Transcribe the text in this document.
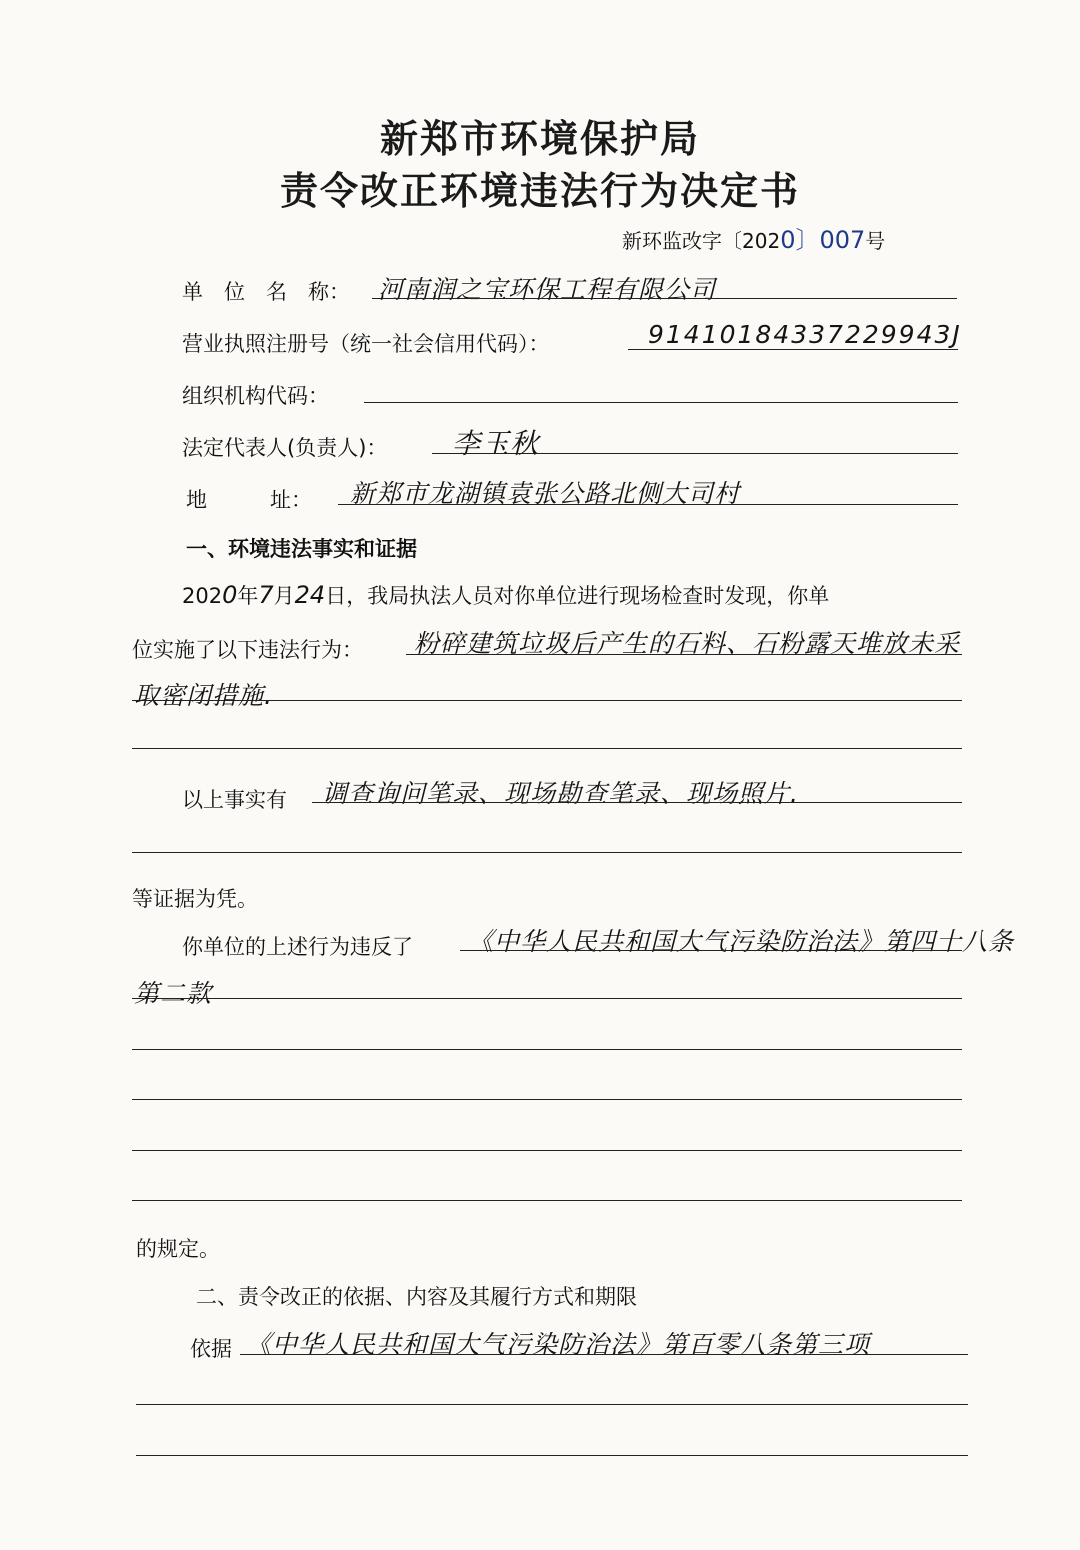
新郑市环境保护局
责令改正环境违法行为决定书
新环监改字〔2020〕007号
单　位　名　称： 河南润之宝环保工程有限公司
营业执照注册号（统一社会信用代码）：	91410184337229943J
组织机构代码：
法定代表人(负责人)： 李玉秋
地　　　址： 新郑市龙湖镇袁张公路北侧大司村
一、环境违法事实和证据
2020年7月24日，我局执法人员对你单位进行现场检查时发现，你单
位实施了以下违法行为： 粉碎建筑垃圾后产生的石料、石粉露天堆放未采
取密闭措施.
以上事实有 调查询问笔录、现场勘查笔录、现场照片.
等证据为凭。
你单位的上述行为违反了 《中华人民共和国大气污染防治法》第四十八条
第二款
的规定。
二、责令改正的依据、内容及其履行方式和期限
依据 《中华人民共和国大气污染防治法》第百零八条第三项
